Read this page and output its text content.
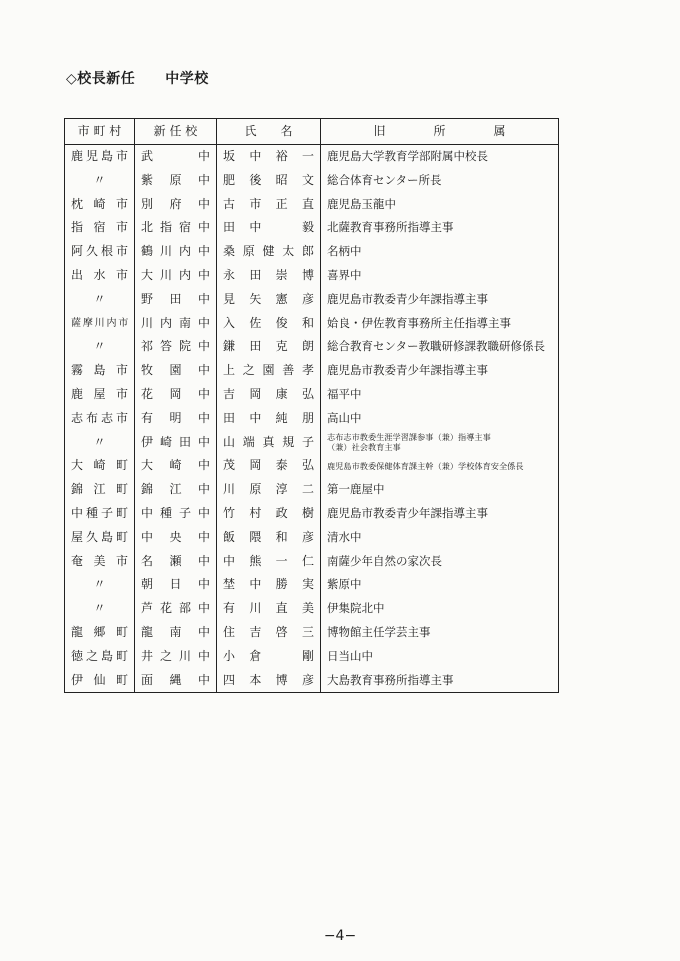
◇校長新任 中学校
市 町 村	新 任 校	氏　　名	旧　　　　所　　　　属
鹿児島市	武　　中	坂中裕一	鹿児島大学教育学部附属中校長
〃	紫原中	肥後昭文	総合体育センター所長
枕崎市	別府中	古市正直	鹿児島玉龍中
指宿市	北指宿中	田中　毅	北薩教育事務所指導主事
阿久根市	鶴川内中	桑原健太郎	名柄中
出水市	大川内中	永田崇博	喜界中
〃	野田中	見矢憲彦	鹿児島市教委青少年課指導主事
薩摩川内市	川内南中	入佐俊和	姶良・伊佐教育事務所主任指導主事
〃	祁答院中	鎌田克朗	総合教育センター教職研修課教職研修係長
霧島市	牧園中	上之園善孝	鹿児島市教委青少年課指導主事
鹿屋市	花岡中	吉岡康弘	福平中
志布志市	有明中	田中純朋	高山中
〃	伊崎田中	山端真規子	志布志市教委生涯学習課参事（兼）指導主事
（兼）社会教育主事

大崎町	大崎中	茂岡泰弘	鹿児島市教委保健体育課主幹（兼）学校体育安全係長
錦江町	錦江中	川原淳二	第一鹿屋中
中種子町	中種子中	竹村政樹	鹿児島市教委青少年課指導主事
屋久島町	中央中	飯隈和彦	清水中
奄美市	名瀬中	中熊一仁	南薩少年自然の家次長
〃	朝日中	埜中勝実	紫原中
〃	芦花部中	有川直美	伊集院北中
龍郷町	龍南中	住吉啓三	博物館主任学芸主事
徳之島町	井之川中	小倉　剛	日当山中
伊仙町	面縄中	四本博彦	大島教育事務所指導主事
−4−
